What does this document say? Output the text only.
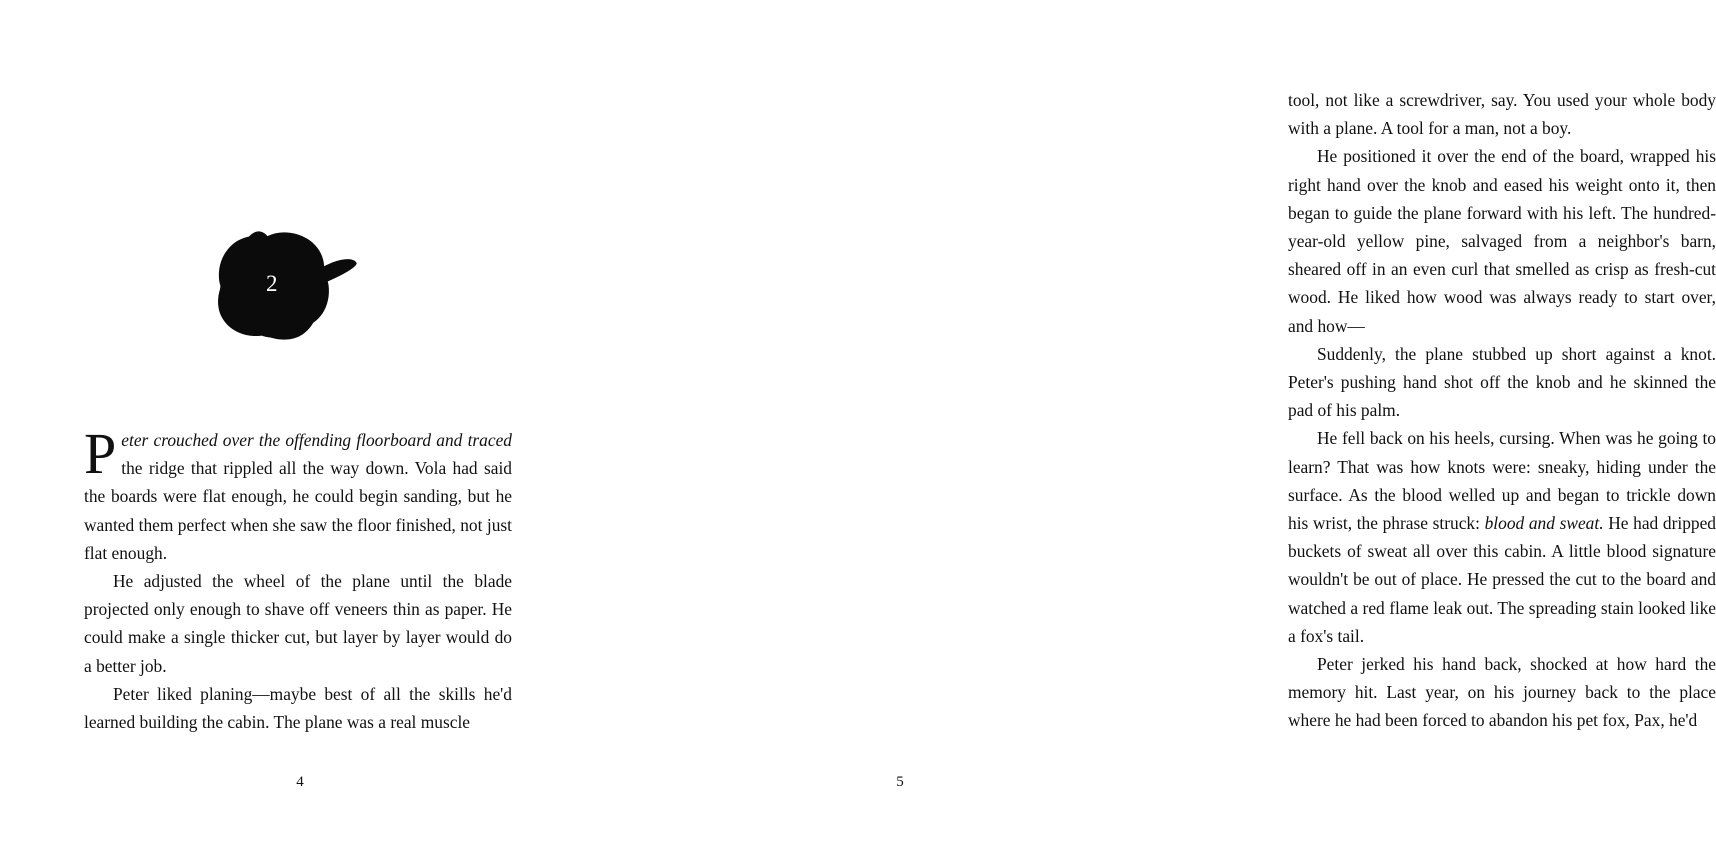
2

Peter crouched over the offending floorboard and traced the ridge that rippled all the way down. Vola had said the boards were flat enough, he could begin sanding, but he wanted them perfect when she saw the floor finished, not just flat enough.

He adjusted the wheel of the plane until the blade projected only enough to shave off veneers thin as paper. He could make a single thicker cut, but layer by layer would do a better job.

Peter liked planing—maybe best of all the skills he'd learned building the cabin. The plane was a real muscle

4

tool, not like a screwdriver, say. You used your whole body with a plane. A tool for a man, not a boy.

He positioned it over the end of the board, wrapped his right hand over the knob and eased his weight onto it, then began to guide the plane forward with his left. The hundred-year-old yellow pine, salvaged from a neighbor's barn, sheared off in an even curl that smelled as crisp as fresh-cut wood. He liked how wood was always ready to start over, and how—

Suddenly, the plane stubbed up short against a knot. Peter's pushing hand shot off the knob and he skinned the pad of his palm.

He fell back on his heels, cursing. When was he going to learn? That was how knots were: sneaky, hiding under the surface. As the blood welled up and began to trickle down his wrist, the phrase struck: blood and sweat. He had dripped buckets of sweat all over this cabin. A little blood signature wouldn't be out of place. He pressed the cut to the board and watched a red flame leak out. The spreading stain looked like a fox's tail.

Peter jerked his hand back, shocked at how hard the memory hit. Last year, on his journey back to the place where he had been forced to abandon his pet fox, Pax, he'd

5
